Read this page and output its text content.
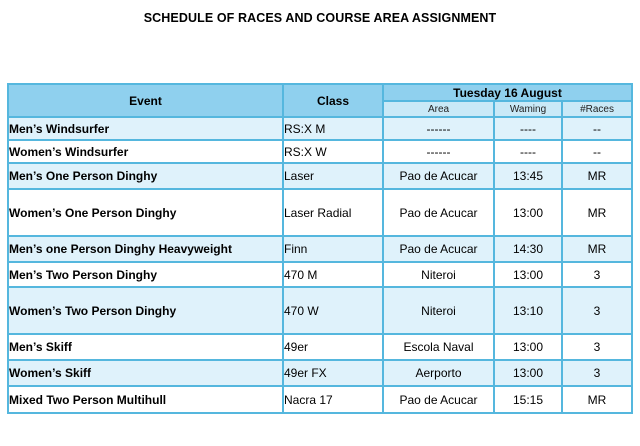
SCHEDULE OF RACES AND COURSE AREA ASSIGNMENT
Event	Class	Tuesday 16 August		
		Area	Waming	#Races
Men’s Windsurfer	RS:X M	------	----	--
Women’s Windsurfer	RS:X W	------	----	--
Men’s One Person Dinghy	Laser	Pao de Acucar	13:45	MR
Women’s One Person Dinghy	Laser Radial	Pao de Acucar	13:00	MR
Men’s one Person Dinghy Heavyweight	Finn	Pao de Acucar	14:30	MR
Men’s Two Person Dinghy	470 M	Niteroi	13:00	3
Women’s Two Person Dinghy	470 W	Niteroi	13:10	3
Men’s Skiff	49er	Escola Naval	13:00	3
Women’s Skiff	49er FX	Aerporto	13:00	3
Mixed Two Person Multihull	Nacra 17	Pao de Acucar	15:15	MR
